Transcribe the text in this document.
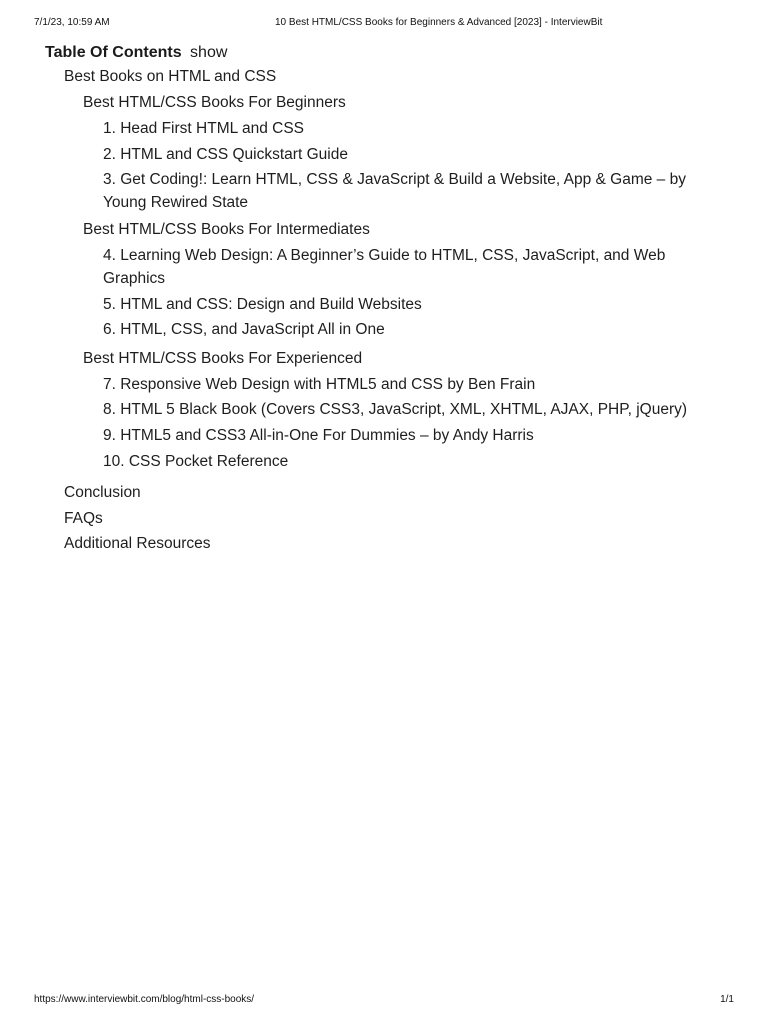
7/1/23, 10:59 AM	10 Best HTML/CSS Books for Beginners & Advanced [2023] - InterviewBit
Table Of Contents show
Best Books on HTML and CSS
Best HTML/CSS Books For Beginners
1. Head First HTML and CSS
2. HTML and CSS Quickstart Guide
3. Get Coding!: Learn HTML, CSS & JavaScript & Build a Website, App & Game – by Young Rewired State
Best HTML/CSS Books For Intermediates
4. Learning Web Design: A Beginner’s Guide to HTML, CSS, JavaScript, and Web Graphics
5. HTML and CSS: Design and Build Websites
6. HTML, CSS, and JavaScript All in One
Best HTML/CSS Books For Experienced
7. Responsive Web Design with HTML5 and CSS by Ben Frain
8. HTML 5 Black Book (Covers CSS3, JavaScript, XML, XHTML, AJAX, PHP, jQuery)
9. HTML5 and CSS3 All-in-One For Dummies – by Andy Harris
10. CSS Pocket Reference
Conclusion
FAQs
Additional Resources
https://www.interviewbit.com/blog/html-css-books/	1/1
